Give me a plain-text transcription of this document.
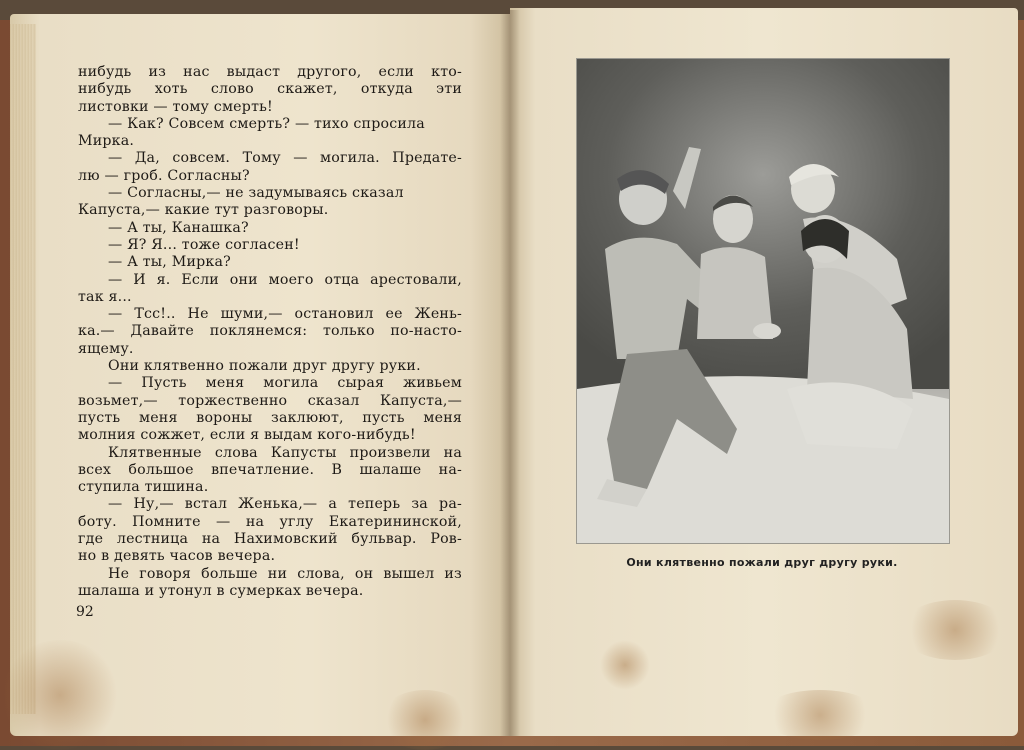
нибудь из нас выдаст другого, если кто-
нибудь хоть слово скажет, откуда эти
листовки — тому смерть!
— Как? Совсем смерть? — тихо спросила
Мирка.
— Да, совсем. Тому — могила. Предате-
лю — гроб. Согласны?
— Согласны,— не задумываясь сказал
Капуста,— какие тут разговоры.
— А ты, Канашка?
— Я? Я... тоже согласен!
— А ты, Мирка?
— И я. Если они моего отца арестовали,
так я...
— Тсс!.. Не шуми,— остановил ее Жень-
ка.— Давайте поклянемся: только по-насто-
ящему.
Они клятвенно пожали друг другу руки.
— Пусть меня могила сырая живьем
возьмет,— торжественно сказал Капуста,—
пусть меня вороны заклюют, пусть меня
молния сожжет, если я выдам кого-нибудь!
Клятвенные слова Капусты произвели на
всех большое впечатление. В шалаше на-
ступила тишина.
— Ну,— встал Женька,— а теперь за ра-
боту. Помните — на углу Екатерининской,
где лестница на Нахимовский бульвар. Ров-
но в девять часов вечера.
Не говоря больше ни слова, он вышел из
шалаша и утонул в сумерках вечера.
92
Они клятвенно пожали друг другу руки.
